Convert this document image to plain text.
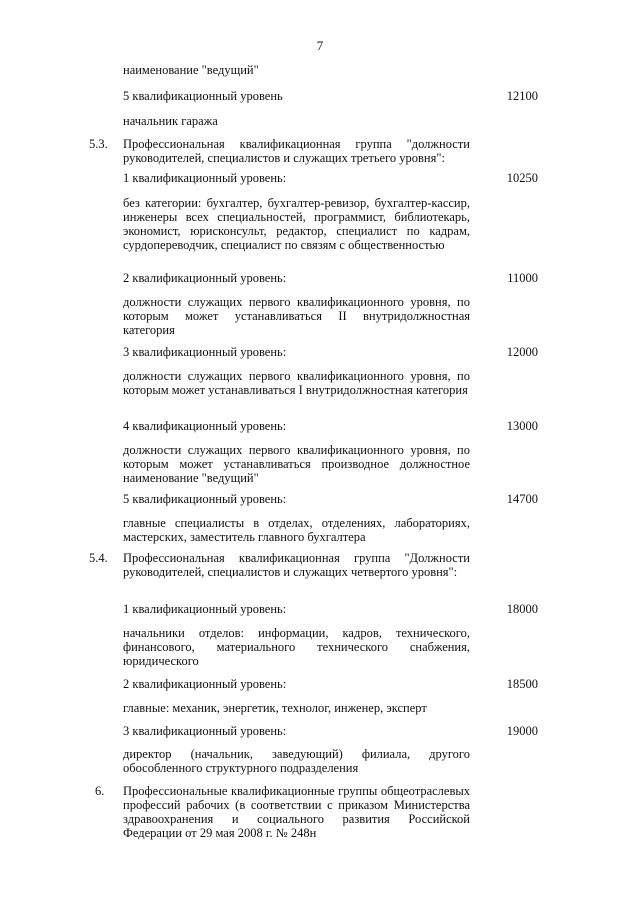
7
наименование "ведущий"
5 квалификационный уровень	12100
начальник гаража
5.3. Профессиональная квалификационная группа "должности руководителей, специалистов и служащих третьего уровня":
1 квалификационный уровень:	10250
без категории: бухгалтер, бухгалтер-ревизор, бухгалтер-кассир, инженеры всех специальностей, программист, библиотекарь, экономист, юрисконсульт, редактор, специалист по кадрам, сурдопереводчик, специалист по связям с общественностью
2 квалификационный уровень:	11000
должности служащих первого квалификационного уровня, по которым может устанавливаться II внутридолжностная категория
3 квалификационный уровень:	12000
должности служащих первого квалификационного уровня, по которым может устанавливаться I внутридолжностная категория
4 квалификационный уровень:	13000
должности служащих первого квалификационного уровня, по которым может устанавливаться производное должностное наименование "ведущий"
5 квалификационный уровень:	14700
главные специалисты в отделах, отделениях, лабораториях, мастерских, заместитель главного бухгалтера
5.4. Профессиональная квалификационная группа "Должности руководителей, специалистов и служащих четвертого уровня":
1 квалификационный уровень:	18000
начальники отделов: информации, кадров, технического, финансового, материального технического снабжения, юридического
2 квалификационный уровень:	18500
главные: механик, энергетик, технолог, инженер, эксперт
3 квалификационный уровень:	19000
директор (начальник, заведующий) филиала, другого обособленного структурного подразделения
6. Профессиональные квалификационные группы общеотраслевых профессий рабочих (в соответствии с приказом Министерства здравоохранения и социального развития Российской Федерации от 29 мая 2008 г. № 248н
